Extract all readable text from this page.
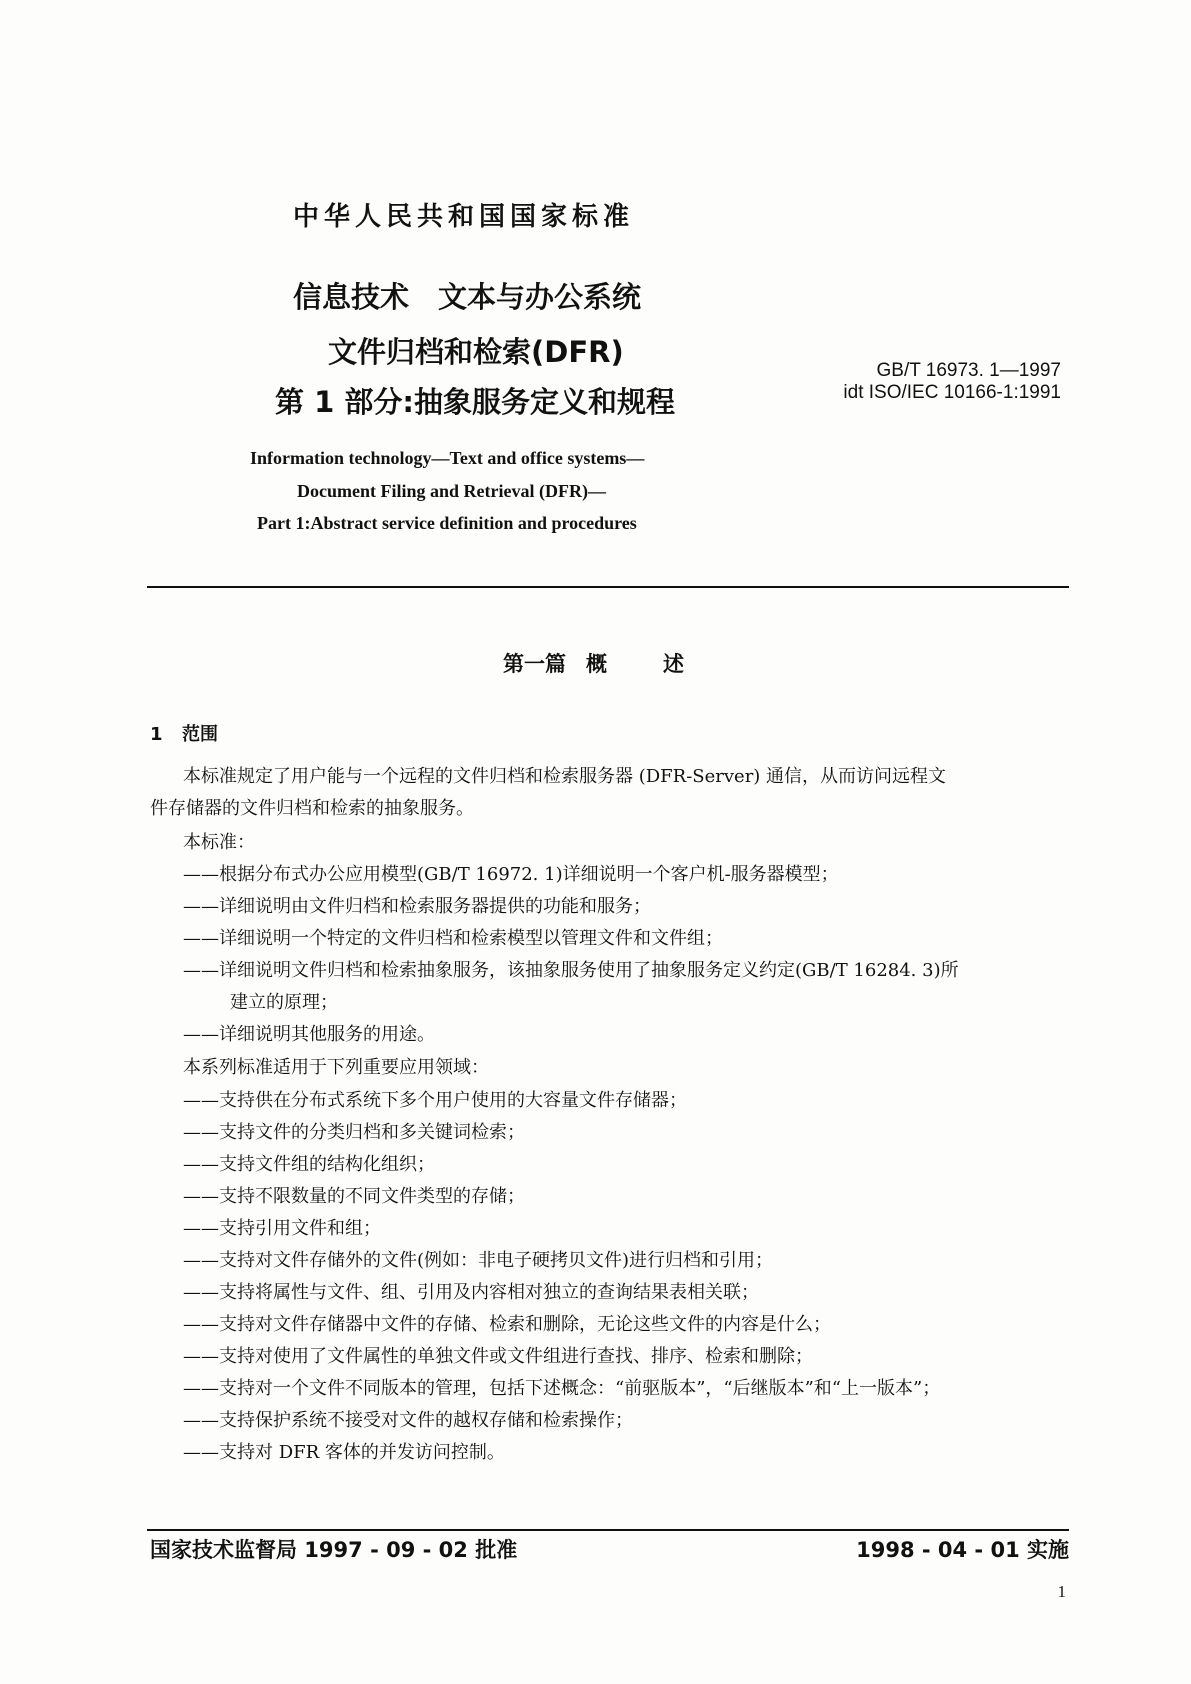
中华人民共和国国家标准
信息技术　文本与办公系统
文件归档和检索(DFR)
第 1 部分:抽象服务定义和规程
GB/T 16973. 1—1997
idt ISO/IEC 10166-1:1991
Information technology—Text and office systems—
Document Filing and Retrieval (DFR)—
Part 1:Abstract service definition and procedures
第一篇 概	述
1 范围
本标准规定了用户能与一个远程的文件归档和检索服务器 (DFR-Server) 通信，从而访问远程文
件存储器的文件归档和检索的抽象服务。
本标准：
——根据分布式办公应用模型(GB/T 16972. 1)详细说明一个客户机-服务器模型；
——详细说明由文件归档和检索服务器提供的功能和服务；
——详细说明一个特定的文件归档和检索模型以管理文件和文件组；
——详细说明文件归档和检索抽象服务，该抽象服务使用了抽象服务定义约定(GB/T 16284. 3)所
建立的原理；
——详细说明其他服务的用途。
本系列标准适用于下列重要应用领域：
——支持供在分布式系统下多个用户使用的大容量文件存储器；
——支持文件的分类归档和多关键词检索；
——支持文件组的结构化组织；
——支持不限数量的不同文件类型的存储；
——支持引用文件和组；
——支持对文件存储外的文件(例如：非电子硬拷贝文件)进行归档和引用；
——支持将属性与文件、组、引用及内容相对独立的查询结果表相关联；
——支持对文件存储器中文件的存储、检索和删除，无论这些文件的内容是什么；
——支持对使用了文件属性的单独文件或文件组进行查找、排序、检索和删除；
——支持对一个文件不同版本的管理，包括下述概念：“前驱版本”，“后继版本”和“上一版本”；
——支持保护系统不接受对文件的越权存储和检索操作；
——支持对 DFR 客体的并发访问控制。
国家技术监督局 1997 - 09 - 02 批准	1998 - 04 - 01 实施
1
